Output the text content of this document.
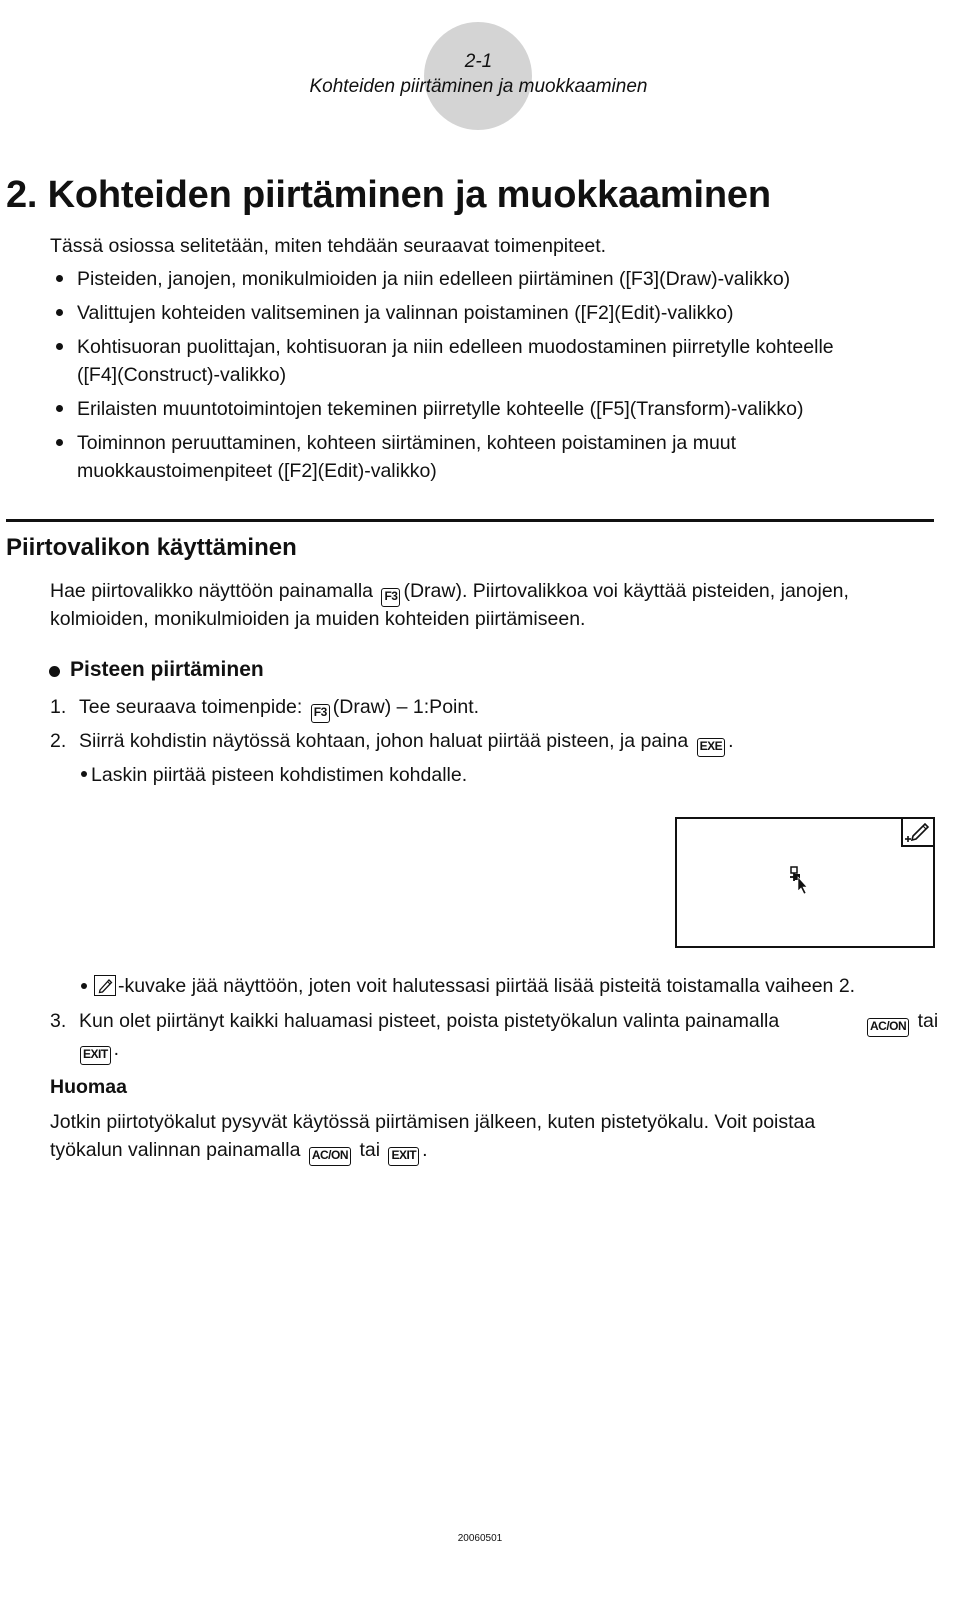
2-1
Kohteiden piirtäminen ja muokkaaminen
2. Kohteiden piirtäminen ja muokkaaminen
Tässä osiossa selitetään, miten tehdään seuraavat toimenpiteet.
Pisteiden, janojen, monikulmioiden ja niin edelleen piirtäminen ([F3](Draw)-valikko)
Valittujen kohteiden valitseminen ja valinnan poistaminen ([F2](Edit)-valikko)
Kohtisuoran puolittajan, kohtisuoran ja niin edelleen muodostaminen piirretylle kohteelle
([F4](Construct)-valikko)
Erilaisten muuntotoimintojen tekeminen piirretylle kohteelle ([F5](Transform)-valikko)
Toiminnon peruuttaminen, kohteen siirtäminen, kohteen poistaminen ja muut
muokkaustoimenpiteet ([F2](Edit)-valikko)
Piirtovalikon käyttäminen
Hae piirtovalikko näyttöön painamalla F3 (Draw). Piirtovalikkoa voi käyttää pisteiden, janojen,
kolmioiden, monikulmioiden ja muiden kohteiden piirtämiseen.
Pisteen piirtäminen
1. Tee seuraava toimenpide: F3 (Draw) – 1:Point.
2. Siirrä kohdistin näytössä kohtaan, johon haluat piirtää pisteen, ja paina EXE .
Laskin piirtää pisteen kohdistimen kohdalle.
-kuvake jää näyttöön, joten voit halutessasi piirtää lisää pisteitä toistamalla vaiheen 2.
3. Kun olet piirtänyt kaikki haluamasi pisteet, poista pistetyökalun valinta painamalla	AC/ON tai
EXIT .
Huomaa
Jotkin piirtotyökalut pysyvät käytössä piirtämisen jälkeen, kuten pistetyökalu. Voit poistaa
työkalun valinnan painamalla AC/ON tai EXIT .
20060501
